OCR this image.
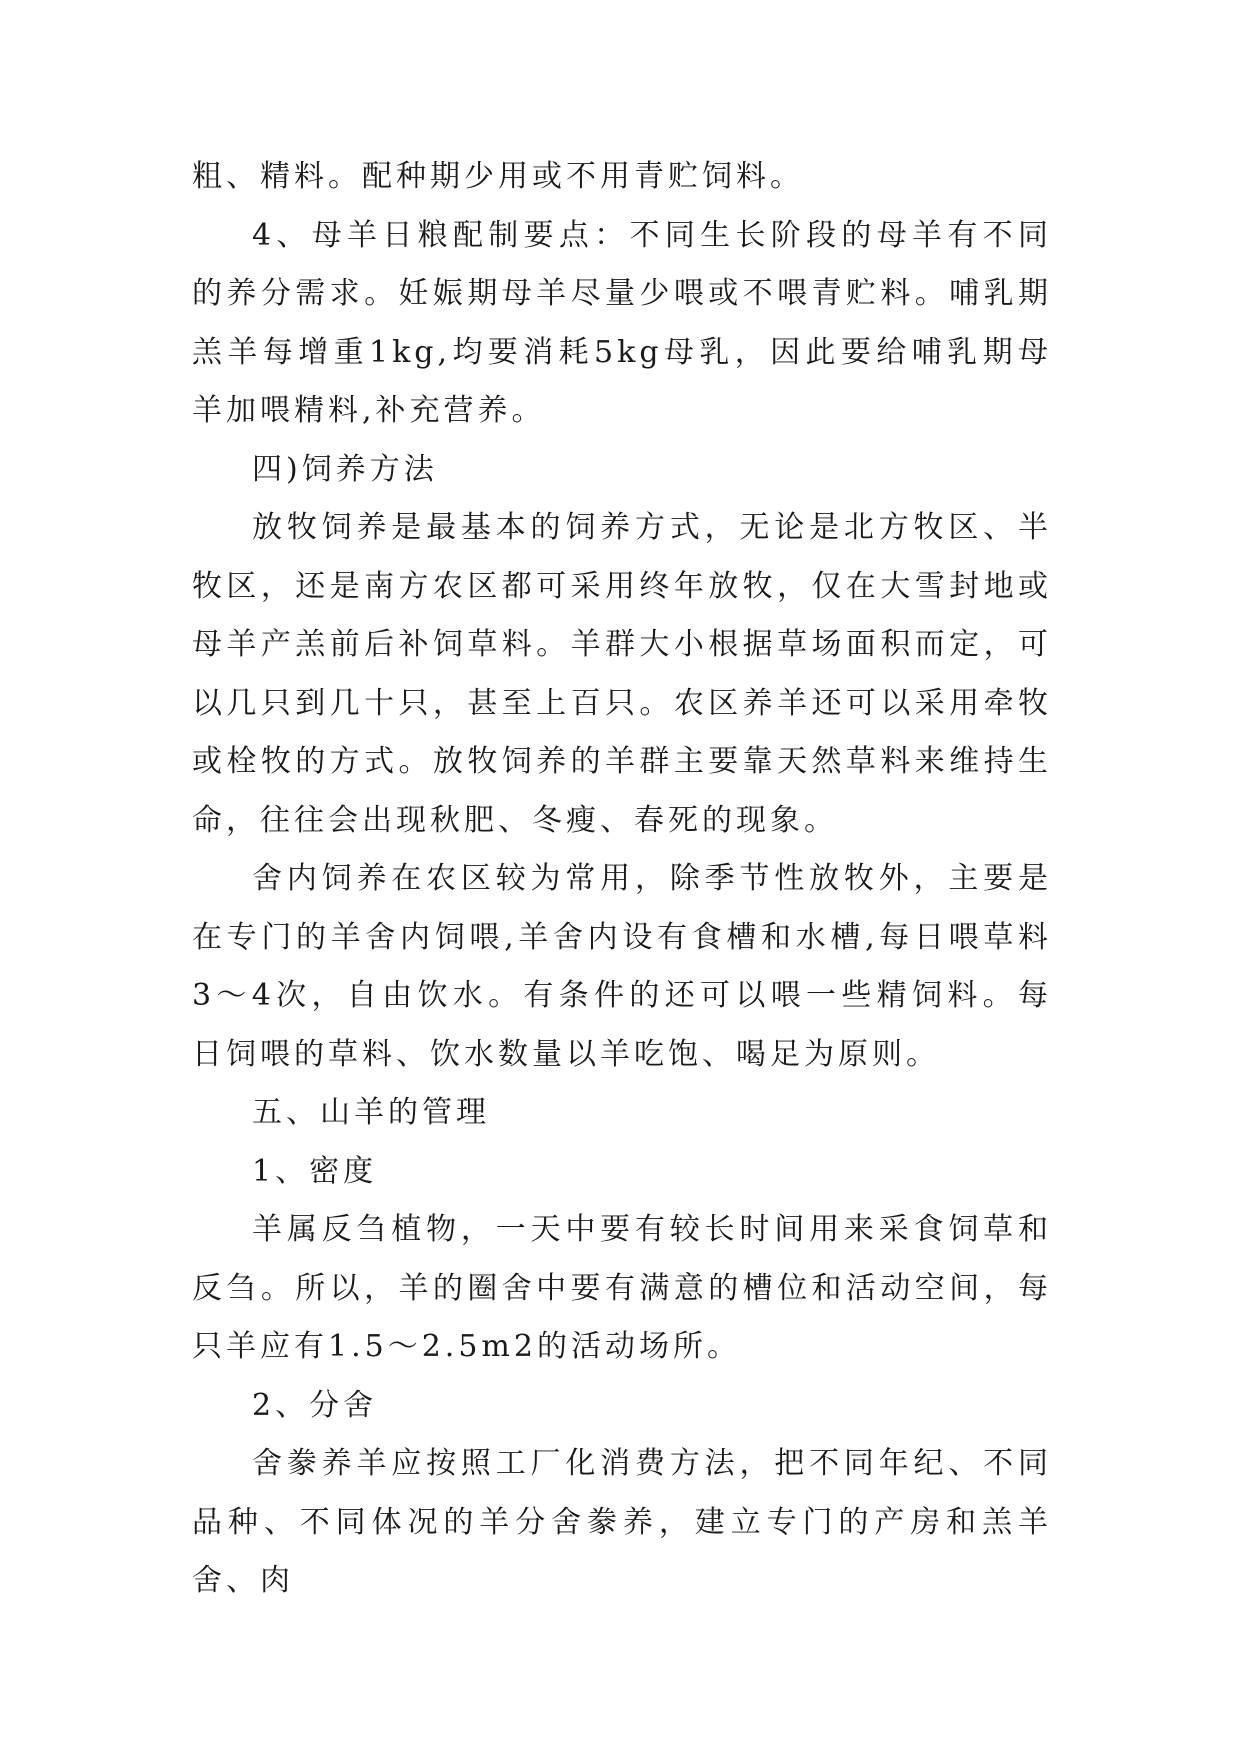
粗、精料。配种期少用或不用青贮饲料。

4、母羊日粮配制要点：不同生长阶段的母羊有不同的养分需求。妊娠期母羊尽量少喂或不喂青贮料。哺乳期羔羊每增重1kg,均要消耗5kg母乳，因此要给哺乳期母羊加喂精料,补充营养。

四)饲养方法

放牧饲养是最基本的饲养方式，无论是北方牧区、半牧区，还是南方农区都可采用终年放牧，仅在大雪封地或母羊产羔前后补饲草料。羊群大小根据草场面积而定，可以几只到几十只，甚至上百只。农区养羊还可以采用牵牧或栓牧的方式。放牧饲养的羊群主要靠天然草料来维持生命，往往会出现秋肥、冬瘦、春死的现象。

舍内饲养在农区较为常用，除季节性放牧外，主要是在专门的羊舍内饲喂,羊舍内设有食槽和水槽,每日喂草料3～4次，自由饮水。有条件的还可以喂一些精饲料。每日饲喂的草料、饮水数量以羊吃饱、喝足为原则。

五、山羊的管理

1、密度

羊属反刍植物，一天中要有较长时间用来采食饲草和反刍。所以，羊的圈舍中要有满意的槽位和活动空间，每只羊应有1.5～2.5m2的活动场所。

2、分舍

舍豢养羊应按照工厂化消费方法，把不同年纪、不同品种、不同体况的羊分舍豢养，建立专门的产房和羔羊舍、肉
